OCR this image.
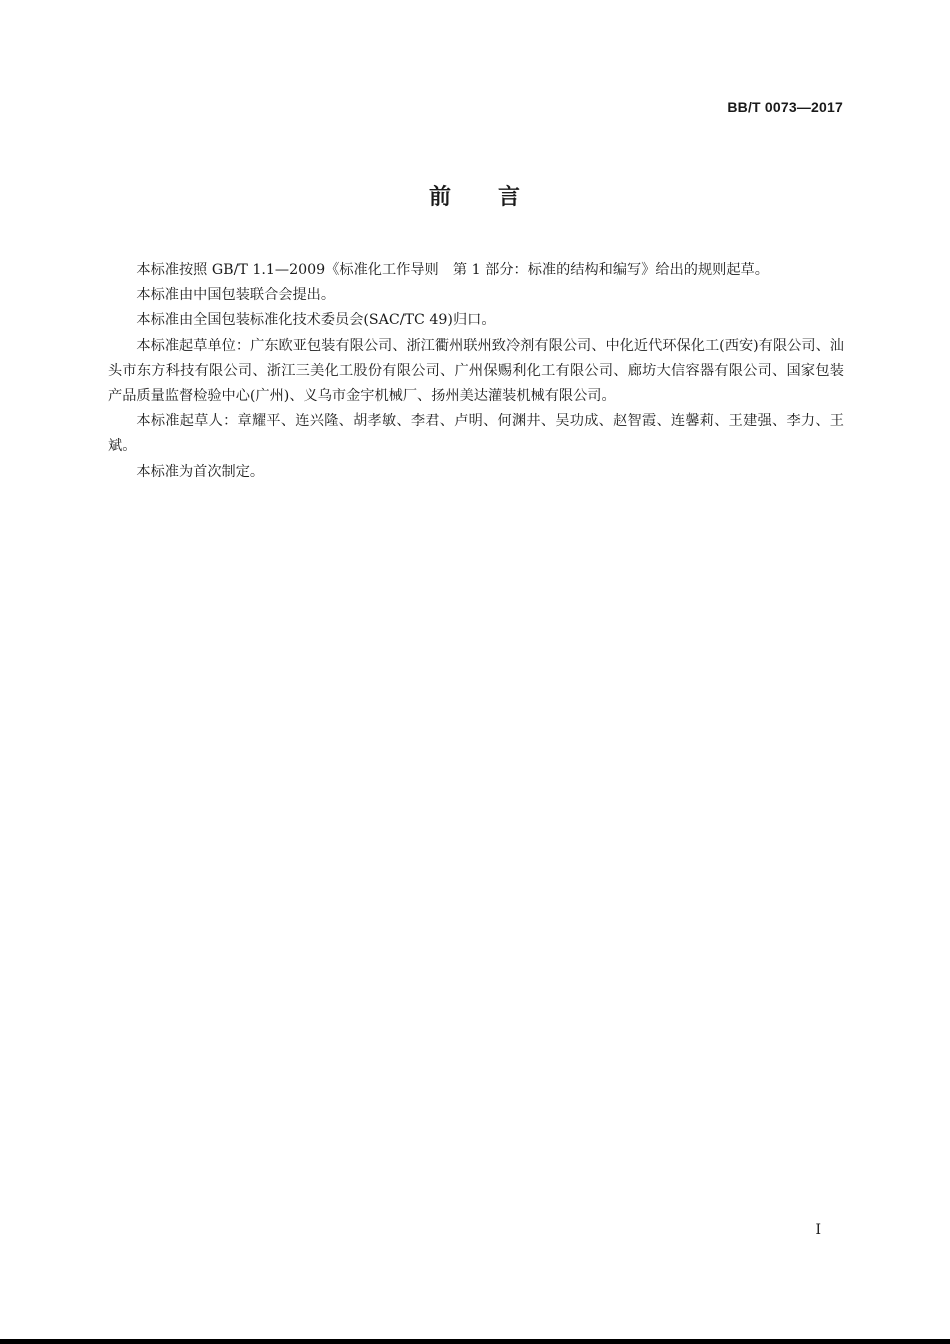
BB/T 0073—2017
前　　言

本标准按照 GB/T 1.1—2009《标准化工作导则　第 1 部分：标准的结构和编写》给出的规则起草。

本标准由中国包装联合会提出。

本标准由全国包装标准化技术委员会(SAC/TC 49)归口。

本标准起草单位：广东欧亚包装有限公司、浙江衢州联州致冷剂有限公司、中化近代环保化工(西安)有限公司、汕头市东方科技有限公司、浙江三美化工股份有限公司、广州保赐利化工有限公司、廊坊大信容器有限公司、国家包装产品质量监督检验中心(广州)、义乌市金宇机械厂、扬州美达灌装机械有限公司。

本标准起草人：章耀平、连兴隆、胡孝敏、李君、卢明、何渊井、吴功成、赵智霞、连馨莉、王建强、李力、王斌。

本标准为首次制定。

I
